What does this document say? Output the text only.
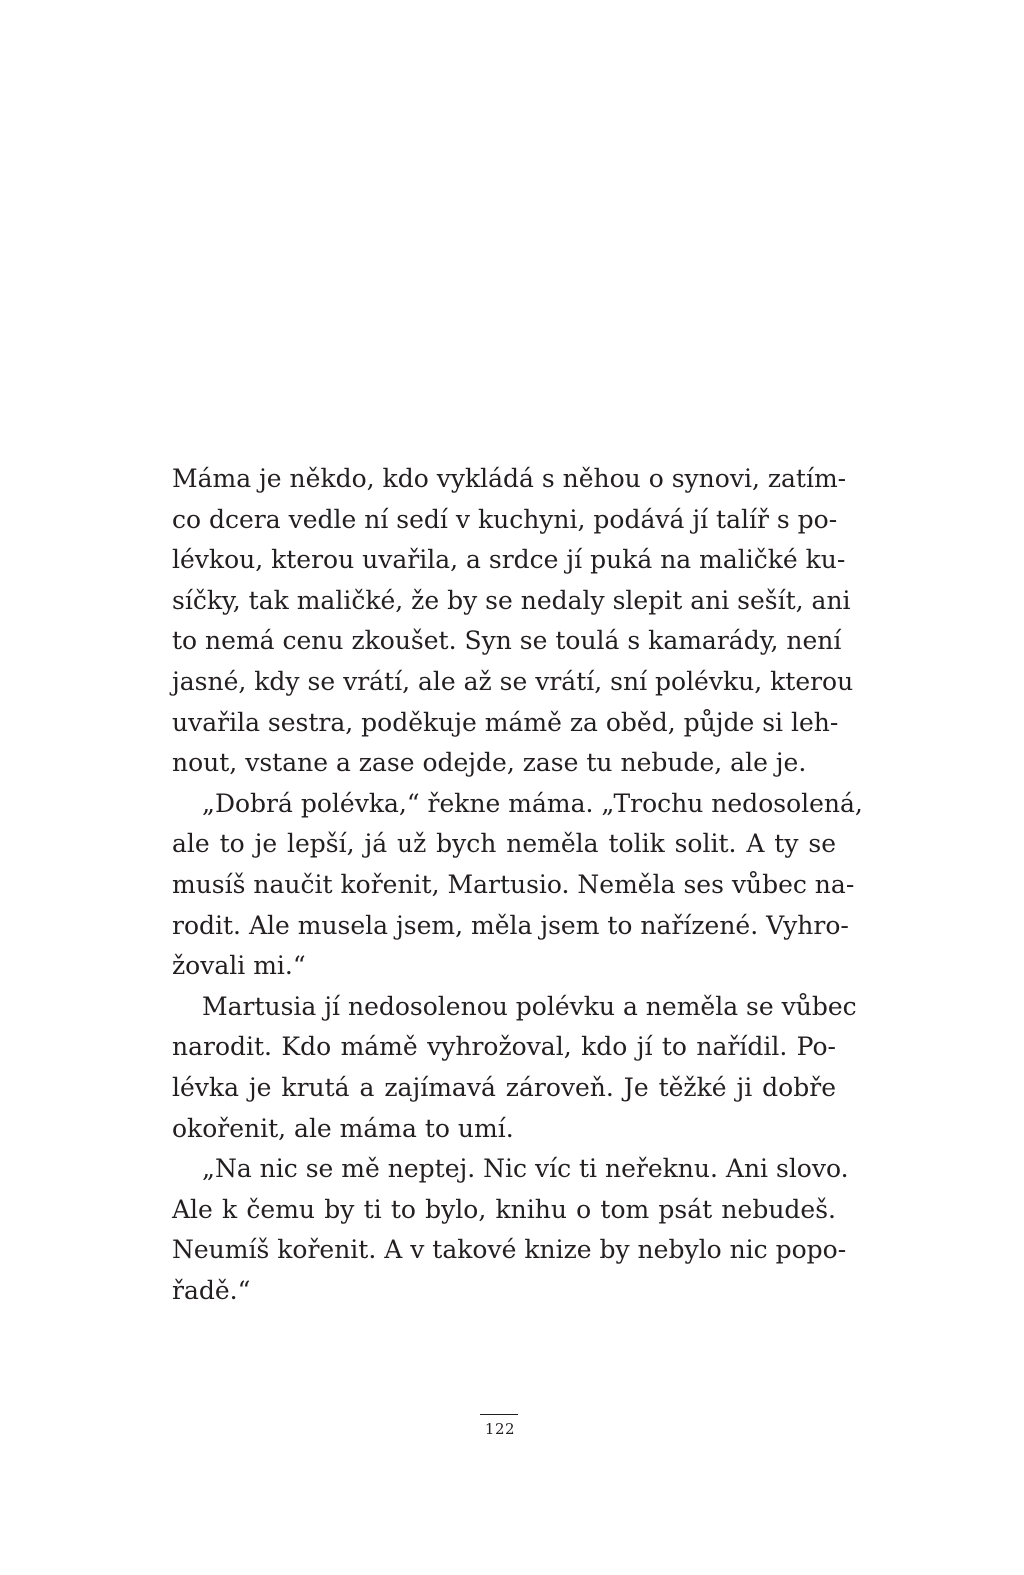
Máma je někdo, kdo vykládá s něhou o synovi, zatím-
co dcera vedle ní sedí v kuchyni, podává jí talíř s po-
lévkou, kterou uvařila, a srdce jí puká na maličké ku-
síčky, tak maličké, že by se nedaly slepit ani sešít, ani
to nemá cenu zkoušet. Syn se toulá s kamarády, není
jasné, kdy se vrátí, ale až se vrátí, sní polévku, kterou
uvařila sestra, poděkuje mámě za oběd, půjde si leh-
nout, vstane a zase odejde, zase tu nebude, ale je.
„Dobrá polévka,“ řekne máma. „Trochu nedosolená,
ale to je lepší, já už bych neměla tolik solit. A ty se
musíš naučit kořenit, Martusio. Neměla ses vůbec na-
rodit. Ale musela jsem, měla jsem to nařízené. Vyhro-
žovali mi.“
Martusia jí nedosolenou polévku a neměla se vůbec
narodit. Kdo mámě vyhrožoval, kdo jí to nařídil. Po-
lévka je krutá a zajímavá zároveň. Je těžké ji dobře
okořenit, ale máma to umí.
„Na nic se mě neptej. Nic víc ti neřeknu. Ani slovo.
Ale k čemu by ti to bylo, knihu o tom psát nebudeš.
Neumíš kořenit. A v takové knize by nebylo nic popo-
řadě.“
122
